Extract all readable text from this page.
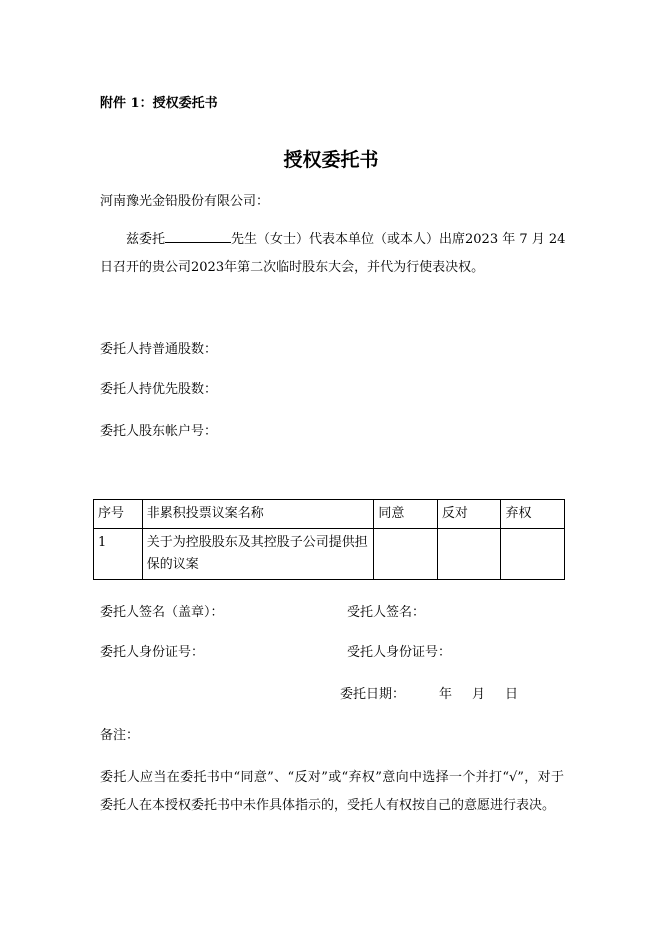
附件 1：授权委托书
授权委托书
河南豫光金铅股份有限公司：
兹委托	先生（女士）代表本单位（或本人）出席2023 年 7 月 24
日召开的贵公司2023年第二次临时股东大会，并代为行使表决权。
委托人持普通股数：
委托人持优先股数：
委托人股东帐户号：
序号	非累积投票议案名称	同意	反对	弃权
1	关于为控股股东及其控股子公司提供担保的议案			
委托人签名（盖章）：	受托人签名：
委托人身份证号：	受托人身份证号：
委托日期：	年 月 日
备注：
委托人应当在委托书中“同意”、“反对”或“弃权”意向中选择一个并打“√”，对于委托人在本授权委托书中未作具体指示的，受托人有权按自己的意愿进行表决。
